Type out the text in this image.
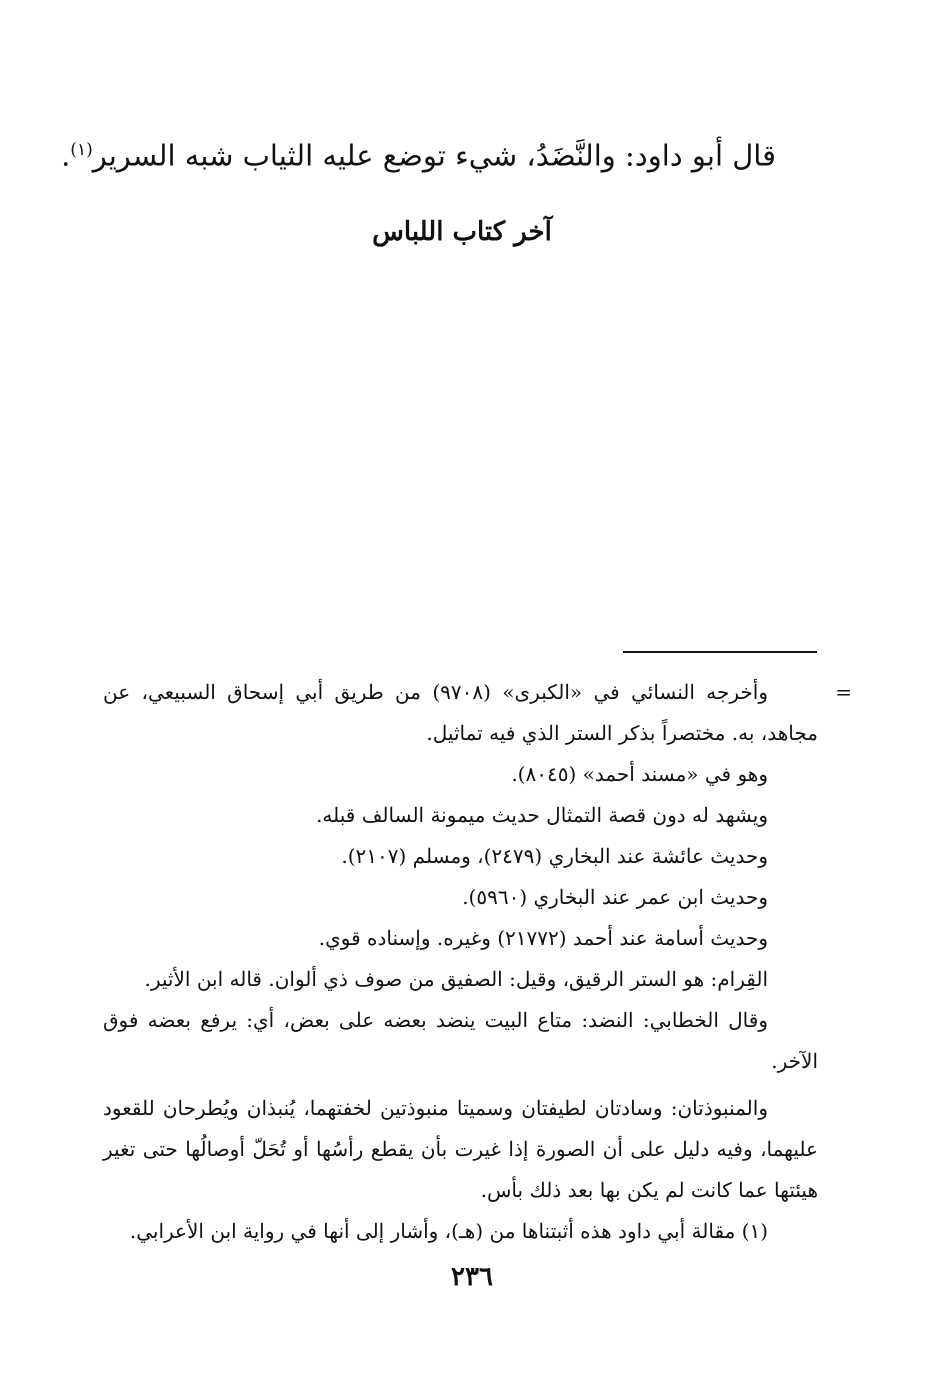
قال أبو داود: والنَّضَدُ، شيء توضع عليه الثياب شبه السرير$^{(١)}$.
آخر كتاب اللباس

=
وأخرجه النسائي في «الكبرى» (٩٧٠٨) من طريق أبي إسحاق السبيعي، عن مجاهد، به. مختصراً بذكر الستر الذي فيه تماثيل.

وهو في «مسند أحمد» (٨٠٤٥).

ويشهد له دون قصة التمثال حديث ميمونة السالف قبله.

وحديث عائشة عند البخاري (٢٤٧٩)، ومسلم (٢١٠٧).

وحديث ابن عمر عند البخاري (٥٩٦٠).

وحديث أسامة عند أحمد (٢١٧٧٢) وغيره. وإسناده قوي.

القِرام: هو الستر الرقيق، وقيل: الصفيق من صوف ذي ألوان. قاله ابن الأثير.

وقال الخطابي: النضد: متاع البيت ينضد بعضه على بعض، أي: يرفع بعضه فوق الآخر.

والمنبوذتان: وسادتان لطيفتان وسميتا منبوذتين لخفتهما، يُنبذان ويُطرحان للقعود عليهما، وفيه دليل على أن الصورة إذا غيرت بأن يقطع رأسُها أو تُحَلّ أوصالُها حتى تغير هيئتها عما كانت لم يكن بها بعد ذلك بأس.

(١) مقالة أبي داود هذه أثبتناها من (هـ)، وأشار إلى أنها في رواية ابن الأعرابي.

٢٣٦
